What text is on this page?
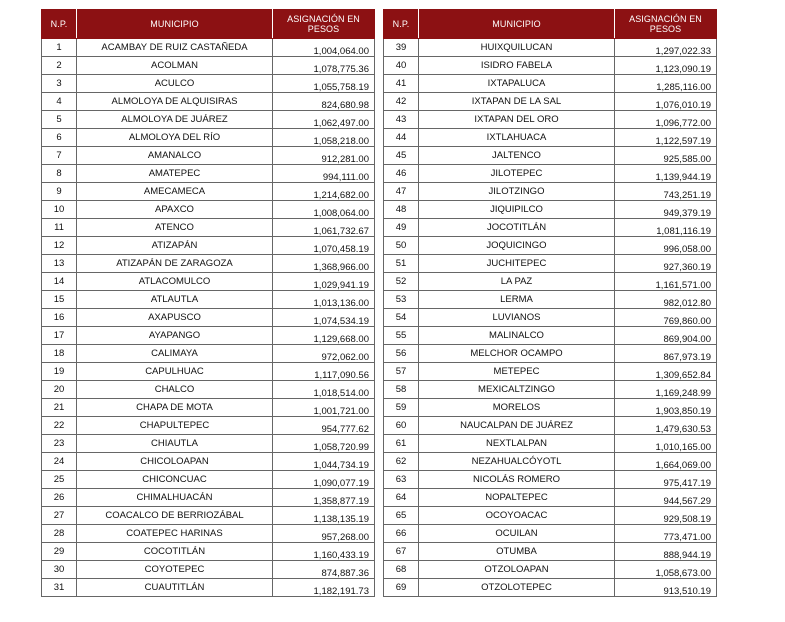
N.P.	MUNICIPIO	ASIGNACIÓN EN PESOS
1	ACAMBAY DE RUIZ CASTAÑEDA	1,004,064.00
2	ACOLMAN	1,078,775.36
3	ACULCO	1,055,758.19
4	ALMOLOYA DE ALQUISIRAS	824,680.98
5	ALMOLOYA DE JUÁREZ	1,062,497.00
6	ALMOLOYA DEL RÍO	1,058,218.00
7	AMANALCO	912,281.00
8	AMATEPEC	994,111.00
9	AMECAMECA	1,214,682.00
10	APAXCO	1,008,064.00
11	ATENCO	1,061,732.67
12	ATIZAPÁN	1,070,458.19
13	ATIZAPÁN DE ZARAGOZA	1,368,966.00
14	ATLACOMULCO	1,029,941.19
15	ATLAUTLA	1,013,136.00
16	AXAPUSCO	1,074,534.19
17	AYAPANGO	1,129,668.00
18	CALIMAYA	972,062.00
19	CAPULHUAC	1,117,090.56
20	CHALCO	1,018,514.00
21	CHAPA DE MOTA	1,001,721.00
22	CHAPULTEPEC	954,777.62
23	CHIAUTLA	1,058,720.99
24	CHICOLOAPAN	1,044,734.19
25	CHICONCUAC	1,090,077.19
26	CHIMALHUACÁN	1,358,877.19
27	COACALCO DE BERRIOZÁBAL	1,138,135.19
28	COATEPEC HARINAS	957,268.00
29	COCOTITLÁN	1,160,433.19
30	COYOTEPEC	874,887.36
31	CUAUTITLÁN	1,182,191.73
N.P.	MUNICIPIO	ASIGNACIÓN EN PESOS
39	HUIXQUILUCAN	1,297,022.33
40	ISIDRO FABELA	1,123,090.19
41	IXTAPALUCA	1,285,116.00
42	IXTAPAN DE LA SAL	1,076,010.19
43	IXTAPAN DEL ORO	1,096,772.00
44	IXTLAHUACA	1,122,597.19
45	JALTENCO	925,585.00
46	JILOTEPEC	1,139,944.19
47	JILOTZINGO	743,251.19
48	JIQUIPILCO	949,379.19
49	JOCOTITLÁN	1,081,116.19
50	JOQUICINGO	996,058.00
51	JUCHITEPEC	927,360.19
52	LA PAZ	1,161,571.00
53	LERMA	982,012.80
54	LUVIANOS	769,860.00
55	MALINALCO	869,904.00
56	MELCHOR OCAMPO	867,973.19
57	METEPEC	1,309,652.84
58	MEXICALTZINGO	1,169,248.99
59	MORELOS	1,903,850.19
60	NAUCALPAN DE JUÁREZ	1,479,630.53
61	NEXTLALPAN	1,010,165.00
62	NEZAHUALCÓYOTL	1,664,069.00
63	NICOLÁS ROMERO	975,417.19
64	NOPALTEPEC	944,567.29
65	OCOYOACAC	929,508.19
66	OCUILAN	773,471.00
67	OTUMBA	888,944.19
68	OTZOLOAPAN	1,058,673.00
69	OTZOLOTEPEC	913,510.19
